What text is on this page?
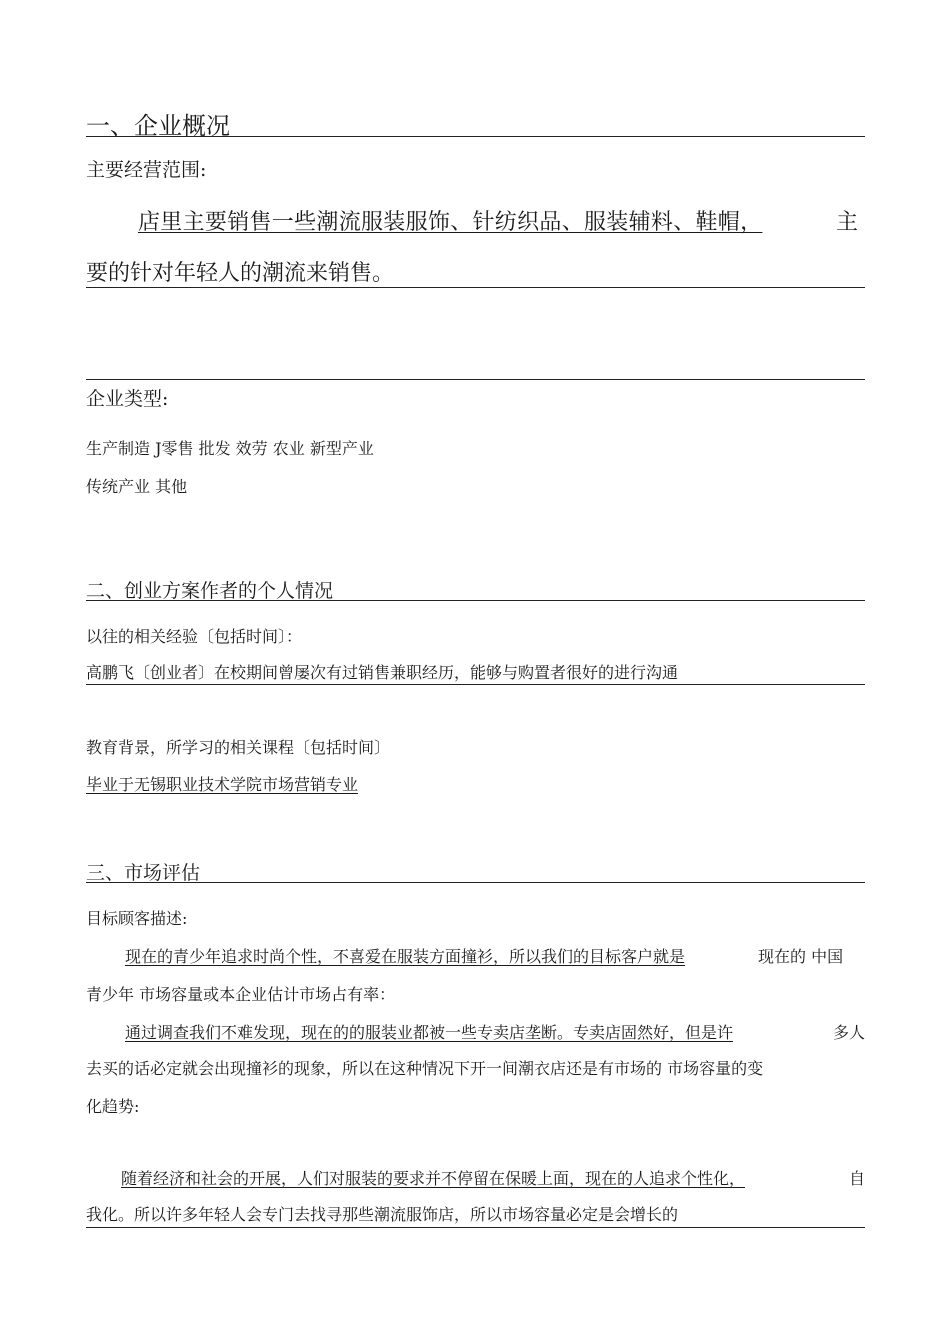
一、企业概况
主要经营范围:
店里主要销售一些潮流服装服饰、针纺织品、服装辅料、鞋帽，	主
要的针对年轻人的潮流来销售。
企业类型:
生产制造 J零售 批发 效劳 农业 新型产业
传统产业 其他
二、创业方案作者的个人情况
以往的相关经验〔包括时间〕：
高鹏飞〔创业者〕在校期间曾屡次有过销售兼职经历，能够与购置者很好的进行沟通
教育背景，所学习的相关课程〔包括时间〕
毕业于无锡职业技术学院市场营销专业
三、市场评估
目标顾客描述:
现在的青少年追求时尚个性，不喜爱在服装方面撞衫，所以我们的目标客户就是	现在的 中国
青少年 市场容量或本企业估计市场占有率：
通过调查我们不难发现，现在的的服装业都被一些专卖店垄断。专卖店固然好，但是许	多人
去买的话必定就会出现撞衫的现象，所以在这种情况下开一间潮衣店还是有市场的 市场容量的变
化趋势:
随着经济和社会的开展，人们对服装的要求并不停留在保暖上面，现在的人追求个性化，	自
我化。所以许多年轻人会专门去找寻那些潮流服饰店，所以市场容量必定是会增长的
